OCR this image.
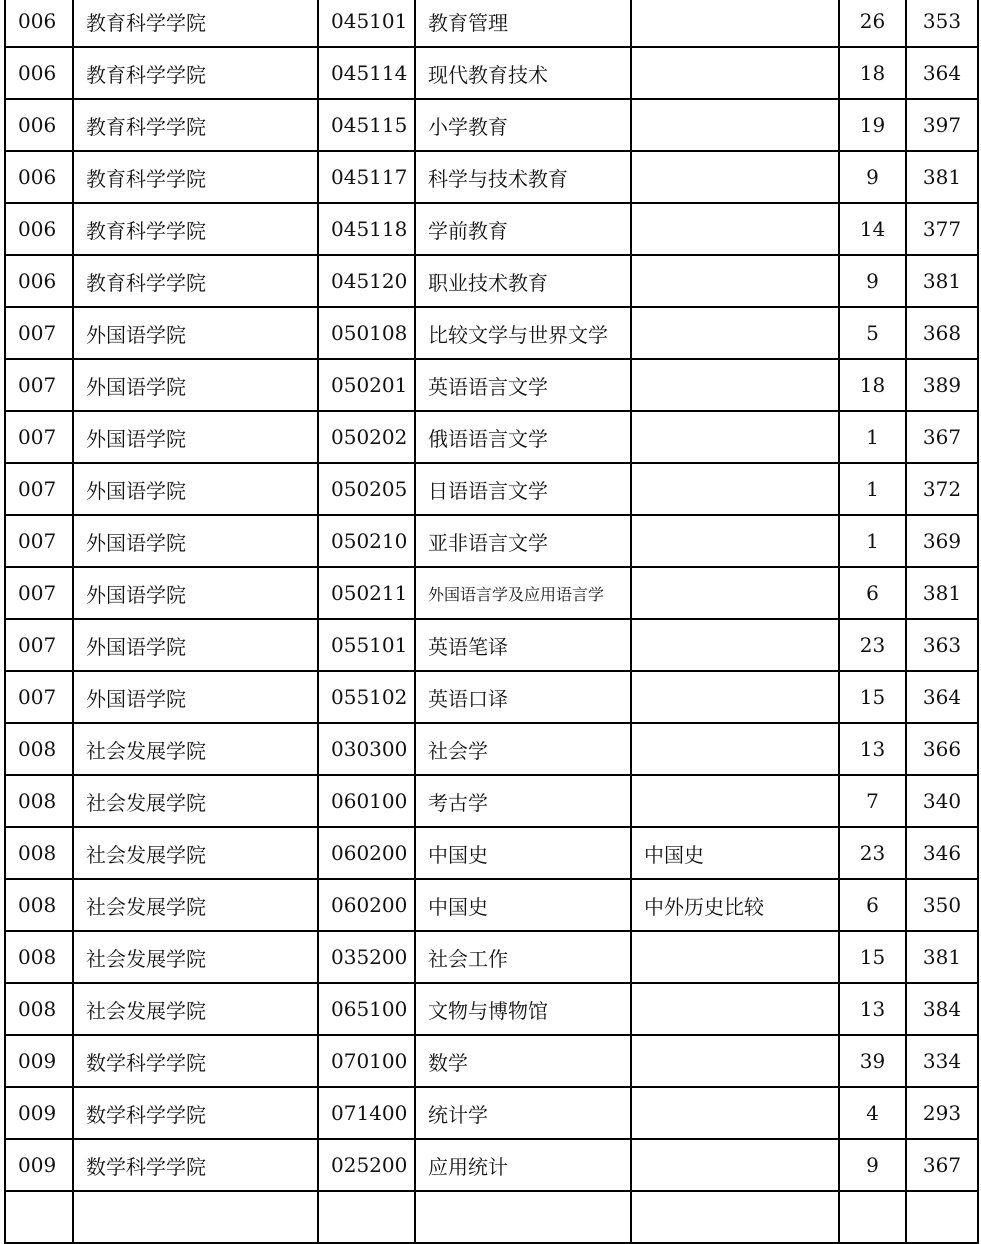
006	教育科学学院	045101	教育管理		26	353
006	教育科学学院	045114	现代教育技术		18	364
006	教育科学学院	045115	小学教育		19	397
006	教育科学学院	045117	科学与技术教育		9	381
006	教育科学学院	045118	学前教育		14	377
006	教育科学学院	045120	职业技术教育		9	381
007	外国语学院	050108	比较文学与世界文学		5	368
007	外国语学院	050201	英语语言文学		18	389
007	外国语学院	050202	俄语语言文学		1	367
007	外国语学院	050205	日语语言文学		1	372
007	外国语学院	050210	亚非语言文学		1	369
007	外国语学院	050211	外国语言学及应用语言学		6	381
007	外国语学院	055101	英语笔译		23	363
007	外国语学院	055102	英语口译		15	364
008	社会发展学院	030300	社会学		13	366
008	社会发展学院	060100	考古学		7	340
008	社会发展学院	060200	中国史	中国史	23	346
008	社会发展学院	060200	中国史	中外历史比较	6	350
008	社会发展学院	035200	社会工作		15	381
008	社会发展学院	065100	文物与博物馆		13	384
009	数学科学学院	070100	数学		39	334
009	数学科学学院	071400	统计学		4	293
009	数学科学学院	025200	应用统计		9	367
